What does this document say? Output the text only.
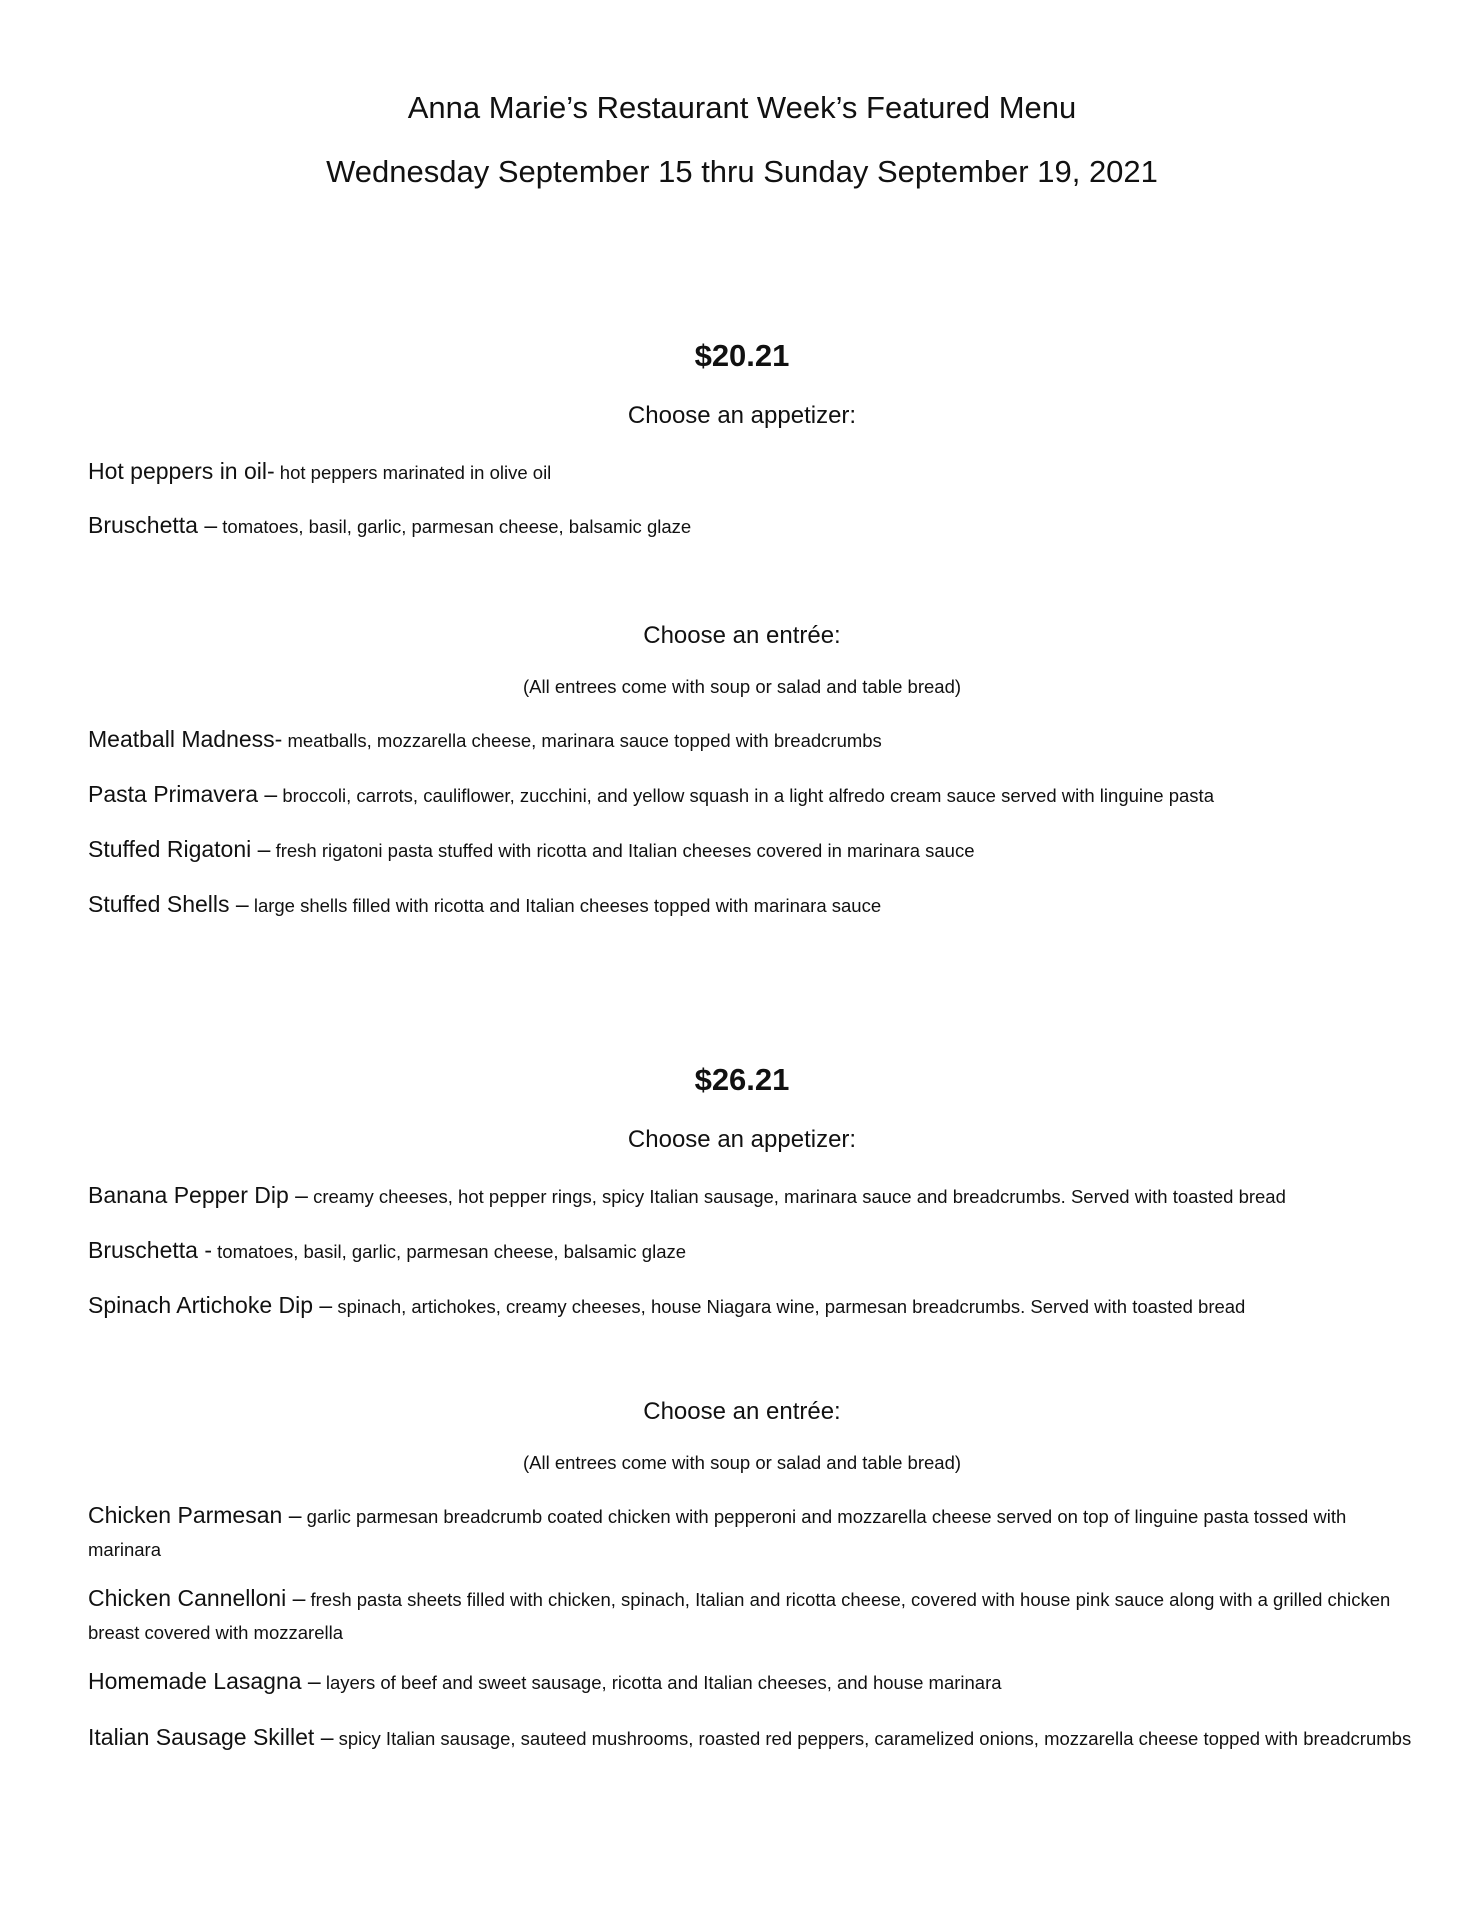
Anna Marie’s Restaurant Week’s Featured Menu

Wednesday September 15 thru Sunday September 19, 2021

$20.21

Choose an appetizer:

Hot peppers in oil- hot peppers marinated in olive oil

Bruschetta – tomatoes, basil, garlic, parmesan cheese, balsamic glaze

Choose an entrée:

(All entrees come with soup or salad and table bread)

Meatball Madness- meatballs, mozzarella cheese, marinara sauce topped with breadcrumbs

Pasta Primavera – broccoli, carrots, cauliflower, zucchini, and yellow squash in a light alfredo cream sauce served with linguine pasta

Stuffed Rigatoni – fresh rigatoni pasta stuffed with ricotta and Italian cheeses covered in marinara sauce

Stuffed Shells – large shells filled with ricotta and Italian cheeses topped with marinara sauce

$26.21

Choose an appetizer:

Banana Pepper Dip – creamy cheeses, hot pepper rings, spicy Italian sausage, marinara sauce and breadcrumbs. Served with toasted bread

Bruschetta - tomatoes, basil, garlic, parmesan cheese, balsamic glaze

Spinach Artichoke Dip – spinach, artichokes, creamy cheeses, house Niagara wine, parmesan breadcrumbs. Served with toasted bread

Choose an entrée:

(All entrees come with soup or salad and table bread)

Chicken Parmesan – garlic parmesan breadcrumb coated chicken with pepperoni and mozzarella cheese served on top of linguine pasta tossed with marinara

Chicken Cannelloni – fresh pasta sheets filled with chicken, spinach, Italian and ricotta cheese, covered with house pink sauce along with a grilled chicken breast covered with mozzarella

Homemade Lasagna – layers of beef and sweet sausage, ricotta and Italian cheeses, and house marinara

Italian Sausage Skillet – spicy Italian sausage, sauteed mushrooms, roasted red peppers, caramelized onions, mozzarella cheese topped with breadcrumbs
